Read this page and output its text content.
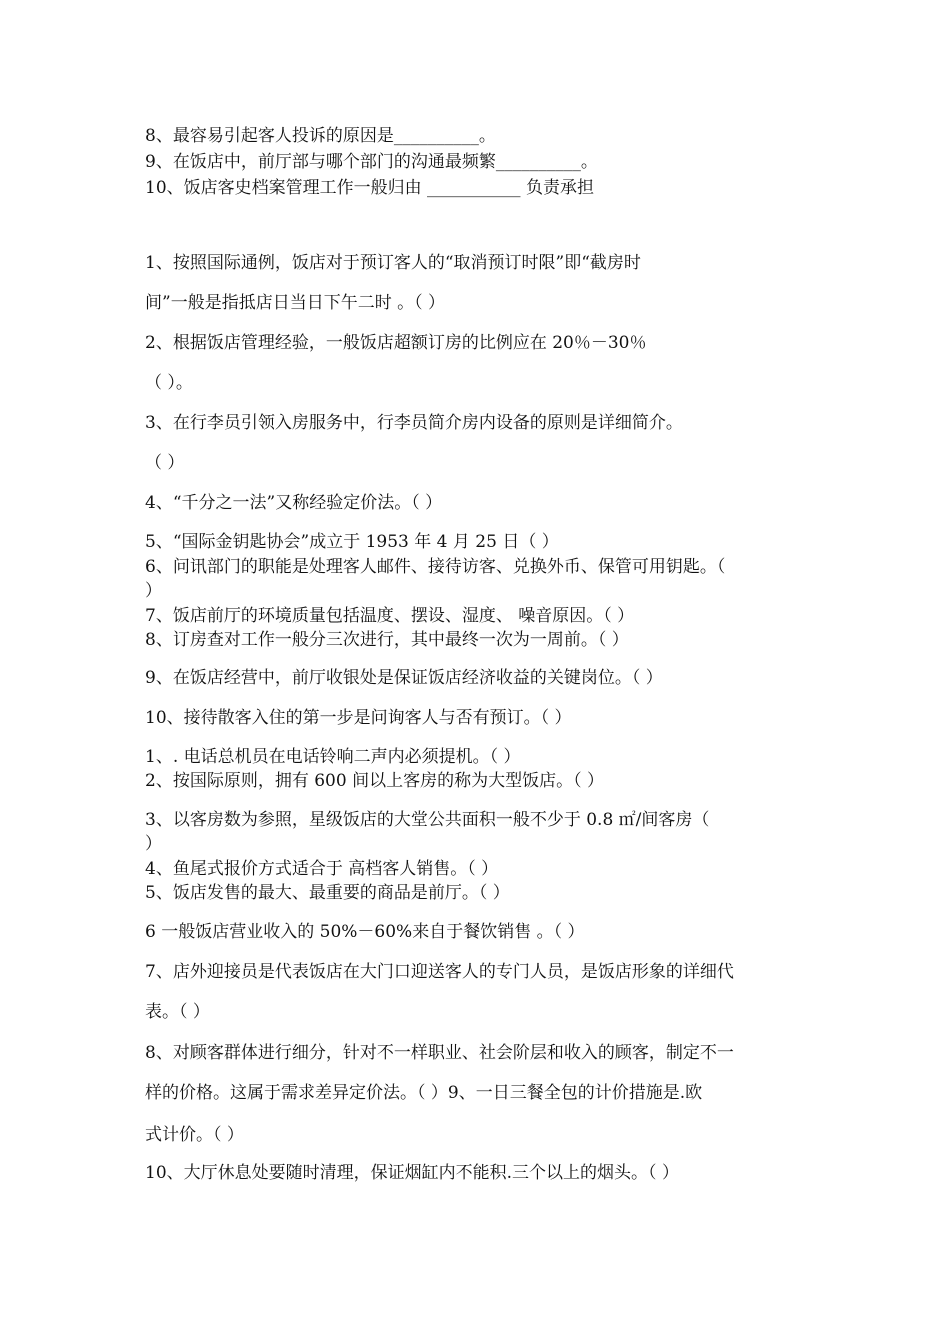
8、最容易引起客人投诉的原因是__________。

9、在饭店中，前厅部与哪个部门的沟通最频繁__________。

10、饭店客史档案管理工作一般归由 ___________ 负责承担

1、按照国际通例，饭店对于预订客人的“取消预订时限”即“截房时

间”一般是指抵店日当日下午二时 。（ ）

2、根据饭店管理经验，一般饭店超额订房的比例应在 20％－30％

（ ）。

3、在行李员引领入房服务中，行李员简介房内设备的原则是详细简介。

（ ）

4、“千分之一法”又称经验定价法。（ ）

5、“国际金钥匙协会”成立于 1953 年 4 月 25 日（ ）

6、问讯部门的职能是处理客人邮件、接待访客、兑换外币、保管可用钥匙。（

）

7、饭店前厅的环境质量包括温度、摆设、湿度、 噪音原因。（ ）

8、订房查对工作一般分三次进行，其中最终一次为一周前。（ ）

9、在饭店经营中，前厅收银处是保证饭店经济收益的关键岗位。（ ）

10、接待散客入住的第一步是问询客人与否有预订。（ ）

1、. 电话总机员在电话铃响二声内必须提机。（ ）

2、按国际原则，拥有 600 间以上客房的称为大型饭店。（ ）

3、以客房数为参照，星级饭店的大堂公共面积一般不少于 0.8 ㎡/间客房（

）

4、鱼尾式报价方式适合于 高档客人销售。（ ）

5、饭店发售的最大、最重要的商品是前厅。（ ）

6 一般饭店营业收入的 50%－60%来自于餐饮销售 。（ ）

7、店外迎接员是代表饭店在大门口迎送客人的专门人员，是饭店形象的详细代

表。（ ）

8、对顾客群体进行细分，针对不一样职业、社会阶层和收入的顾客，制定不一

样的价格。这属于需求差异定价法。（ ）9、一日三餐全包的计价措施是.欧

式计价。（ ）

10、大厅休息处要随时清理，保证烟缸内不能积.三个以上的烟头。（ ）
